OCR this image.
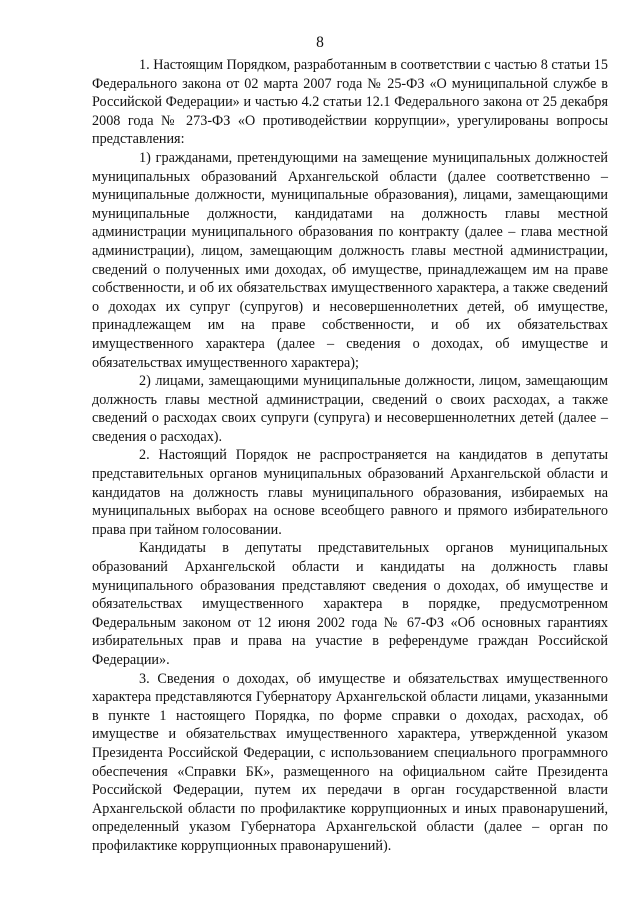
8

1. Настоящим Порядком, разработанным в соответствии с частью 8 статьи 15 Федерального закона от 02 марта 2007 года № 25-ФЗ «О муниципальной службе в Российской Федерации» и частью 4.2 статьи 12.1 Федерального закона от 25 декабря 2008 года № 273-ФЗ «О противодействии коррупции», урегулированы вопросы представления:

1) гражданами, претендующими на замещение муниципальных должностей муниципальных образований Архангельской области (далее соответственно – муниципальные должности, муниципальные образования), лицами, замещающими муниципальные должности, кандидатами на должность главы местной администрации муниципального образования по контракту (далее – глава местной администрации), лицом, замещающим должность главы местной администрации, сведений о полученных ими доходах, об имуществе, принадлежащем им на праве собственности, и об их обязательствах имущественного характера, а также сведений о доходах их супруг (супругов) и несовершеннолетних детей, об имуществе, принадлежащем им на праве собственности, и об их обязательствах имущественного характера (далее – сведения о доходах, об имуществе и обязательствах имущественного характера);

2) лицами, замещающими муниципальные должности, лицом, замещающим должность главы местной администрации, сведений о своих расходах, а также сведений о расходах своих супруги (супруга) и несовершеннолетних детей (далее – сведения о расходах).

2. Настоящий Порядок не распространяется на кандидатов в депутаты представительных органов муниципальных образований Архангельской области и кандидатов на должность главы муниципального образования, избираемых на муниципальных выборах на основе всеобщего равного и прямого избирательного права при тайном голосовании.

Кандидаты в депутаты представительных органов муниципальных образований Архангельской области и кандидаты на должность главы муниципального образования представляют сведения о доходах, об имуществе и обязательствах имущественного характера в порядке, предусмотренном Федеральным законом от 12 июня 2002 года № 67-ФЗ «Об основных гарантиях избирательных прав и права на участие в референдуме граждан Российской Федерации».

3. Сведения о доходах, об имуществе и обязательствах имущественного характера представляются Губернатору Архангельской области лицами, указанными в пункте 1 настоящего Порядка, по форме справки о доходах, расходах, об имуществе и обязательствах имущественного характера, утвержденной указом Президента Российской Федерации, с использованием специального программного обеспечения «Справки БК», размещенного на официальном сайте Президента Российской Федерации, путем их передачи в орган государственной власти Архангельской области по профилактике коррупционных и иных правонарушений, определенный указом Губернатора Архангельской области (далее – орган по профилактике коррупционных правонарушений).
